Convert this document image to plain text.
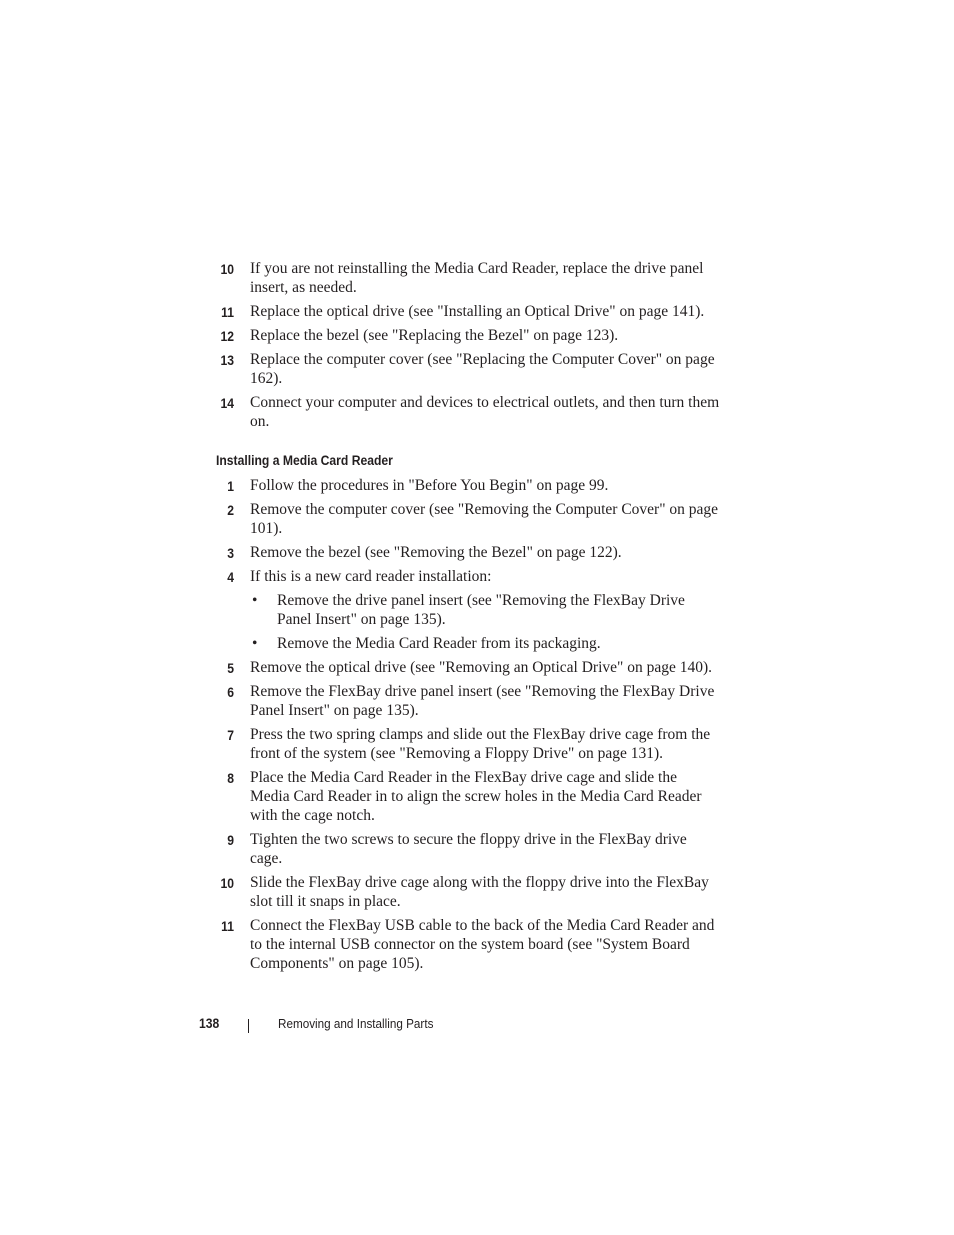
10 If you are not reinstalling the Media Card Reader, replace the drive panel insert, as needed.
11 Replace the optical drive (see "Installing an Optical Drive" on page 141).
12 Replace the bezel (see "Replacing the Bezel" on page 123).
13 Replace the computer cover (see "Replacing the Computer Cover" on page 162).
14 Connect your computer and devices to electrical outlets, and then turn them on.
Installing a Media Card Reader
1 Follow the procedures in "Before You Begin" on page 99.
2 Remove the computer cover (see "Removing the Computer Cover" on page 101).
3 Remove the bezel (see "Removing the Bezel" on page 122).
4 If this is a new card reader installation:
• Remove the drive panel insert (see "Removing the FlexBay Drive Panel Insert" on page 135).
• Remove the Media Card Reader from its packaging.
5 Remove the optical drive (see "Removing an Optical Drive" on page 140).
6 Remove the FlexBay drive panel insert (see "Removing the FlexBay Drive Panel Insert" on page 135).
7 Press the two spring clamps and slide out the FlexBay drive cage from the front of the system (see "Removing a Floppy Drive" on page 131).
8 Place the Media Card Reader in the FlexBay drive cage and slide the Media Card Reader in to align the screw holes in the Media Card Reader with the cage notch.
9 Tighten the two screws to secure the floppy drive in the FlexBay drive cage.
10 Slide the FlexBay drive cage along with the floppy drive into the FlexBay slot till it snaps in place.
11 Connect the FlexBay USB cable to the back of the Media Card Reader and to the internal USB connector on the system board (see "System Board Components" on page 105).
138	Removing and Installing Parts
